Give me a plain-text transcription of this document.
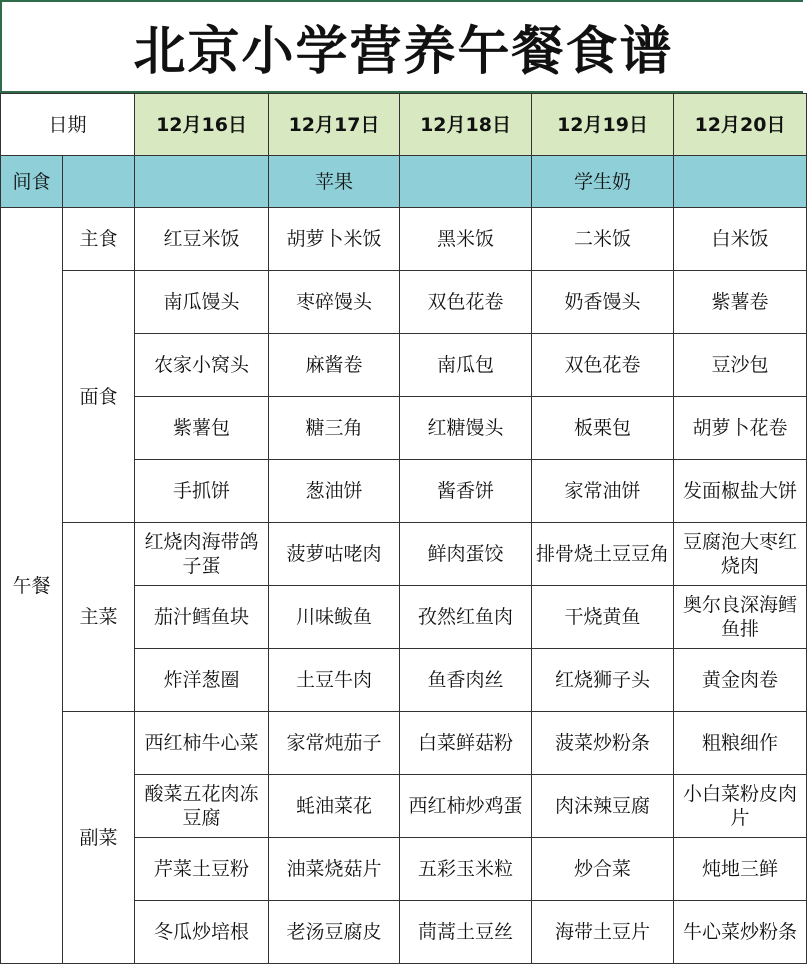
北京小学营养午餐食谱
日期		12月16日	12月17日	12月18日	12月19日	12月20日
间食			苹果		学生奶	
午餐	主食	红豆米饭	胡萝卜米饭	黑米饭	二米饭	白米饭
	面食	南瓜馒头	枣碎馒头	双色花卷	奶香馒头	紫薯卷
		农家小窝头	麻酱卷	南瓜包	双色花卷	豆沙包
		紫薯包	糖三角	红糖馒头	板栗包	胡萝卜花卷
		手抓饼	葱油饼	酱香饼	家常油饼	发面椒盐大饼
	主菜	红烧肉海带鸽子蛋	菠萝咕咾肉	鲜肉蛋饺	排骨烧土豆豆角	豆腐泡大枣红烧肉
		茄汁鳕鱼块	川味鲅鱼	孜然红鱼肉	干烧黄鱼	奥尔良深海鳕鱼排
		炸洋葱圈	土豆牛肉	鱼香肉丝	红烧狮子头	黄金肉卷
	副菜	西红柿牛心菜	家常炖茄子	白菜鲜菇粉	菠菜炒粉条	粗粮细作
		酸菜五花肉冻豆腐	蚝油菜花	西红柿炒鸡蛋	肉沫辣豆腐	小白菜粉皮肉片
		芹菜土豆粉	油菜烧菇片	五彩玉米粒	炒合菜	炖地三鲜
		冬瓜炒培根	老汤豆腐皮	茼蒿土豆丝	海带土豆片	牛心菜炒粉条
